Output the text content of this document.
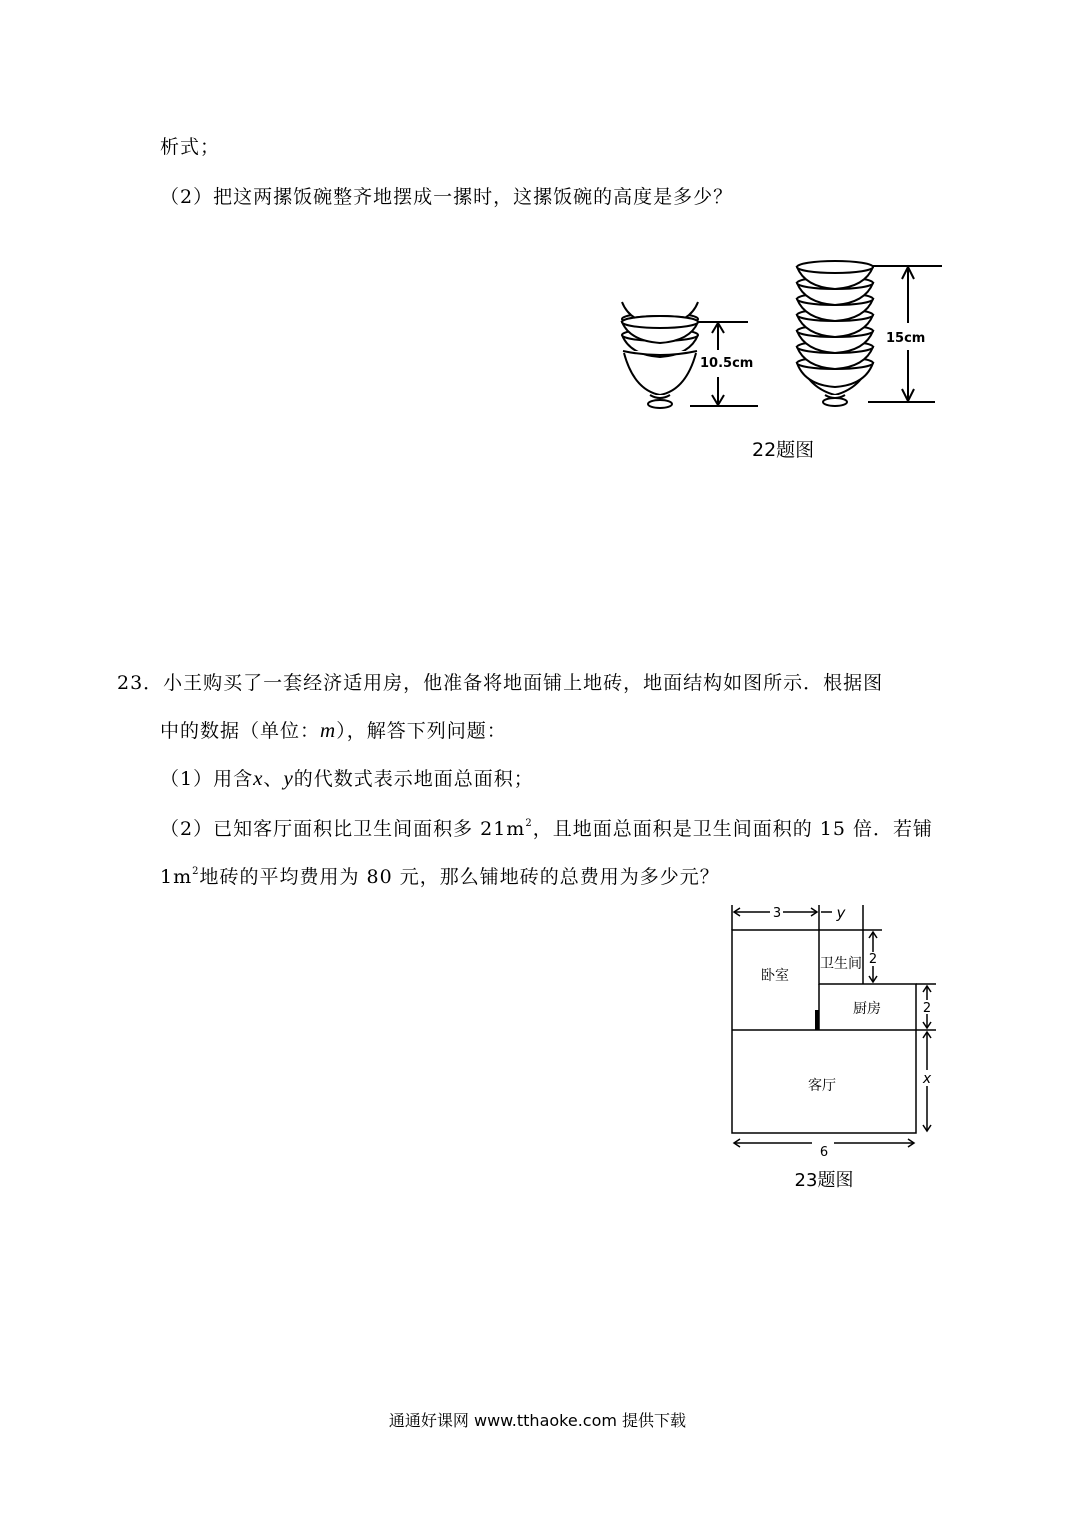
析式；
（2）把这两摞饭碗整齐地摆成一摞时，这摞饭碗的高度是多少？
10.5cm
15cm
22题图
23．小王购买了一套经济适用房，他准备将地面铺上地砖，地面结构如图所示．根据图
中的数据（单位：m），解答下列问题：
（1）用含x、y的代数式表示地面总面积；
（2）已知客厅面积比卫生间面积多 $21m^2$，且地面总面积是卫生间面积的 15 倍．若铺
$1m^2$地砖的平均费用为 80 元，那么铺地砖的总费用为多少元？
3	y
2
2
x
6
卧室
卫生间
厨房
客厅
23题图
通通好课网 www.tthaoke.com 提供下载
